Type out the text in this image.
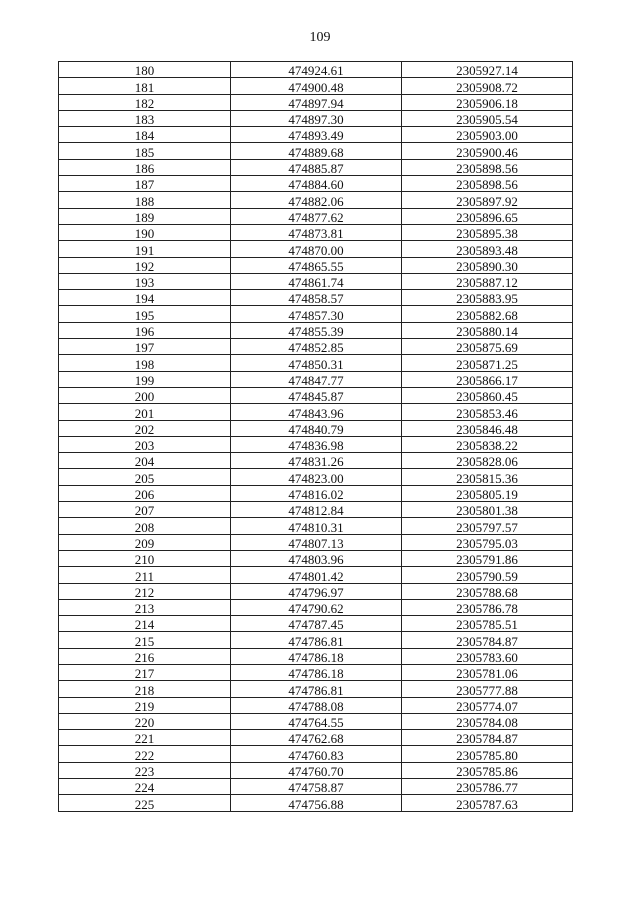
109
180	474924.61	2305927.14
181	474900.48	2305908.72
182	474897.94	2305906.18
183	474897.30	2305905.54
184	474893.49	2305903.00
185	474889.68	2305900.46
186	474885.87	2305898.56
187	474884.60	2305898.56
188	474882.06	2305897.92
189	474877.62	2305896.65
190	474873.81	2305895.38
191	474870.00	2305893.48
192	474865.55	2305890.30
193	474861.74	2305887.12
194	474858.57	2305883.95
195	474857.30	2305882.68
196	474855.39	2305880.14
197	474852.85	2305875.69
198	474850.31	2305871.25
199	474847.77	2305866.17
200	474845.87	2305860.45
201	474843.96	2305853.46
202	474840.79	2305846.48
203	474836.98	2305838.22
204	474831.26	2305828.06
205	474823.00	2305815.36
206	474816.02	2305805.19
207	474812.84	2305801.38
208	474810.31	2305797.57
209	474807.13	2305795.03
210	474803.96	2305791.86
211	474801.42	2305790.59
212	474796.97	2305788.68
213	474790.62	2305786.78
214	474787.45	2305785.51
215	474786.81	2305784.87
216	474786.18	2305783.60
217	474786.18	2305781.06
218	474786.81	2305777.88
219	474788.08	2305774.07
220	474764.55	2305784.08
221	474762.68	2305784.87
222	474760.83	2305785.80
223	474760.70	2305785.86
224	474758.87	2305786.77
225	474756.88	2305787.63
